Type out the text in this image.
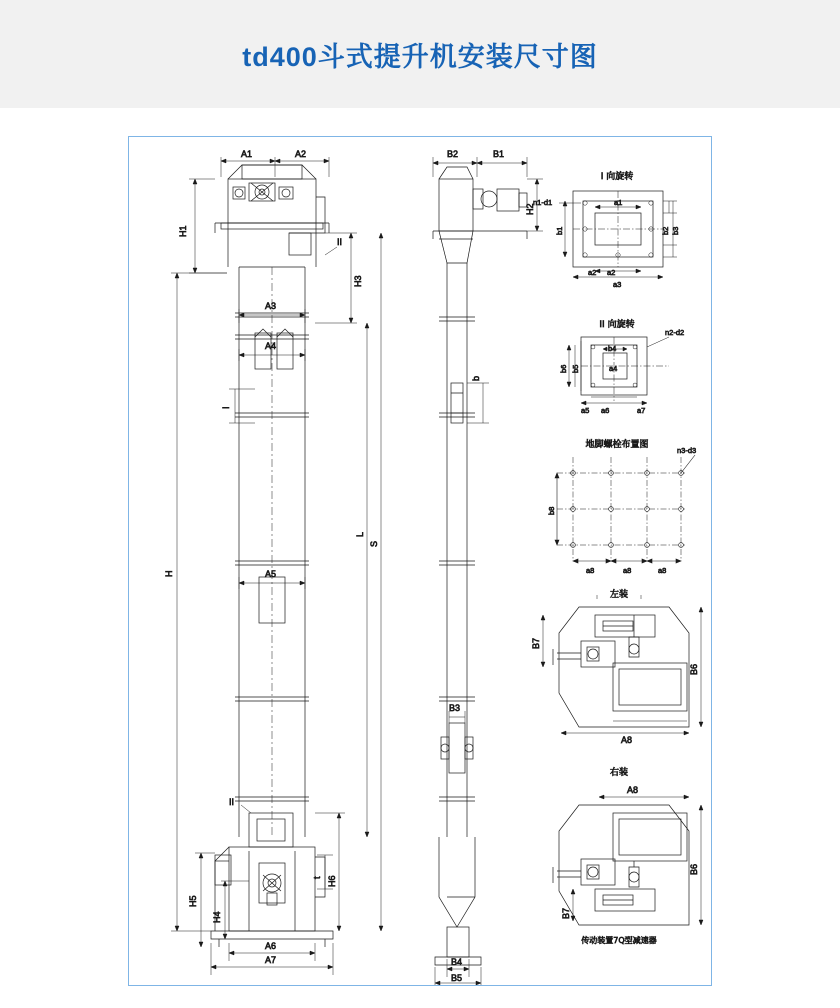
td400斗式提升机安装尺寸图
A1	A2
H1
H3
A3
A4
I
A5
L
S
H
H5
H4
H6
t
A6
A7
II
II
B2	B1
H2
b
B3
B4
B5
I 向旋转
a1
a2
a3
b1	b2 b3
n1-d1
a2
II 向旋转
b4
a4
a5 a6	a7
b6 b5
n2-d2
地脚螺栓布置图
b8
a8	a8	a8
n3-d3
左装
A8
B6
B7
右装
A8
B6
B7
传动装置7Q型减速器
